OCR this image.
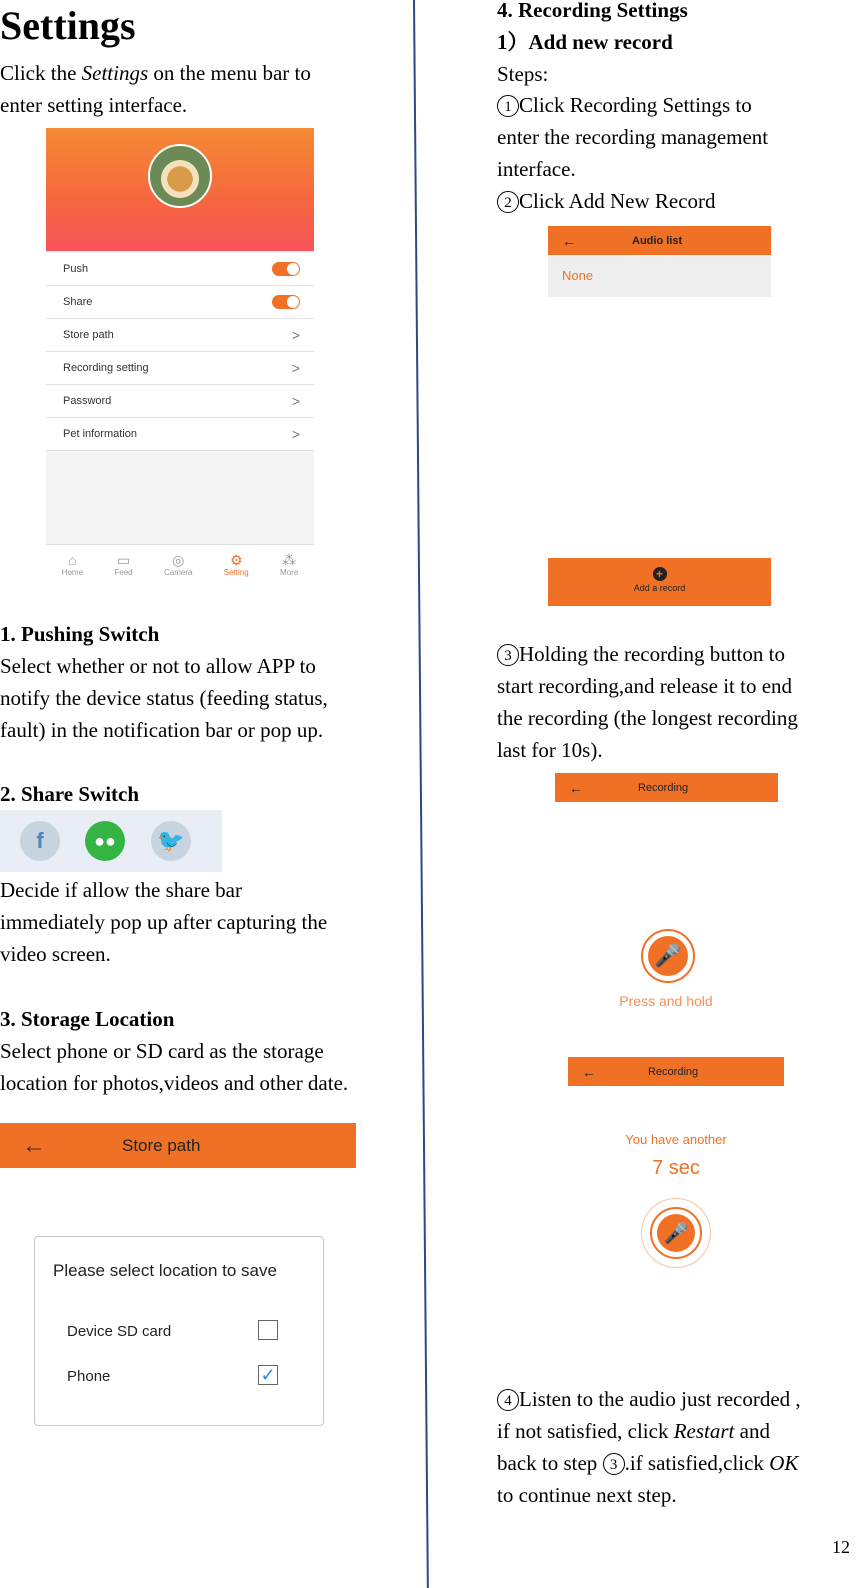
Settings

Click the Settings on the menu bar to

enter setting interface.

Push
Share
Store path	>
Recording setting	>
Password	>
Pet information	>
⌂
Home
▭
Feed
◎
Camera
⚙
Setting
⁂
More

1. Pushing Switch

Select whether or not to allow APP to

notify the device status (feeding status,

fault) in the notification bar or pop up.

2. Share Switch

f	●●	🐦

Decide if allow the share bar

immediately pop up after capturing the

video screen.

3. Storage Location

Select phone or SD card as the storage

location for photos,videos and other date.

←	Store path
Please select location to save
Device SD card
Phone	✓

4. Recording Settings

1）Add new record

Steps:

1 Click Recording Settings to

enter the recording management

interface.

2 Click Add New Record

←	Audio list
None
+
Add a record

3 Holding the recording button to

start recording,and release it to end

the recording (the longest recording

last for 10s).

←	Recording
🎤
Press and hold
←	Recording
You have another
7 sec
🎤

4 Listen to the audio just recorded ,

if not satisfied, click Restart and

back to step 3 .if satisfied,click OK

to continue next step.

12
